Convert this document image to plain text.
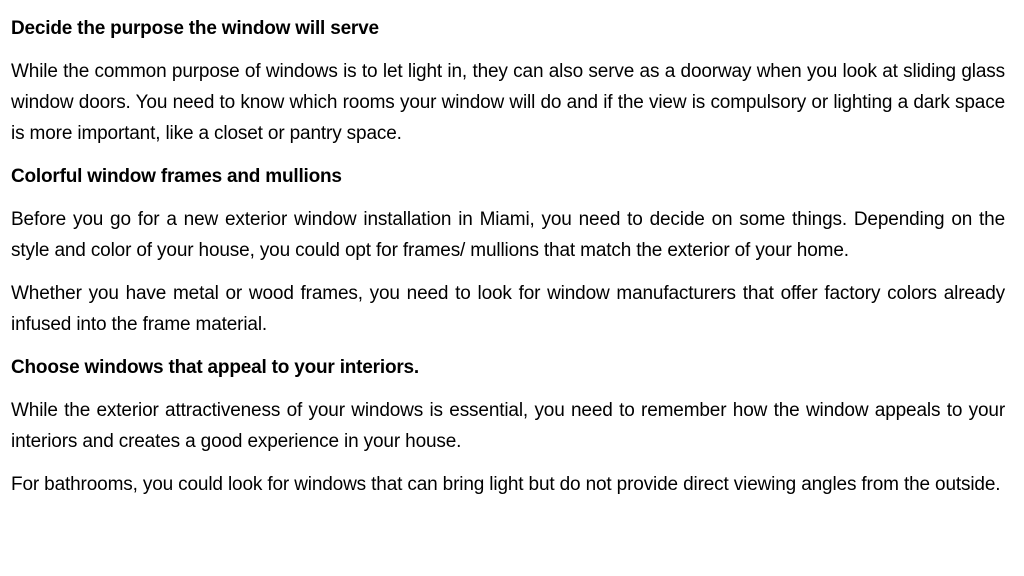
Decide the purpose the window will serve

While the common purpose of windows is to let light in, they can also serve as a doorway when you look at sliding glass window doors. You need to know which rooms your window will do and if the view is compulsory or lighting a dark space is more important, like a closet or pantry space.

Colorful window frames and mullions

Before you go for a new exterior window installation in Miami, you need to decide on some things. Depending on the style and color of your house, you could opt for frames/ mullions that match the exterior of your home.

Whether you have metal or wood frames, you need to look for window manufacturers that offer factory colors already infused into the frame material.

Choose windows that appeal to your interiors.

While the exterior attractiveness of your windows is essential, you need to remember how the window appeals to your interiors and creates a good experience in your house.

For bathrooms, you could look for windows that can bring light but do not provide direct viewing angles from the outside.
